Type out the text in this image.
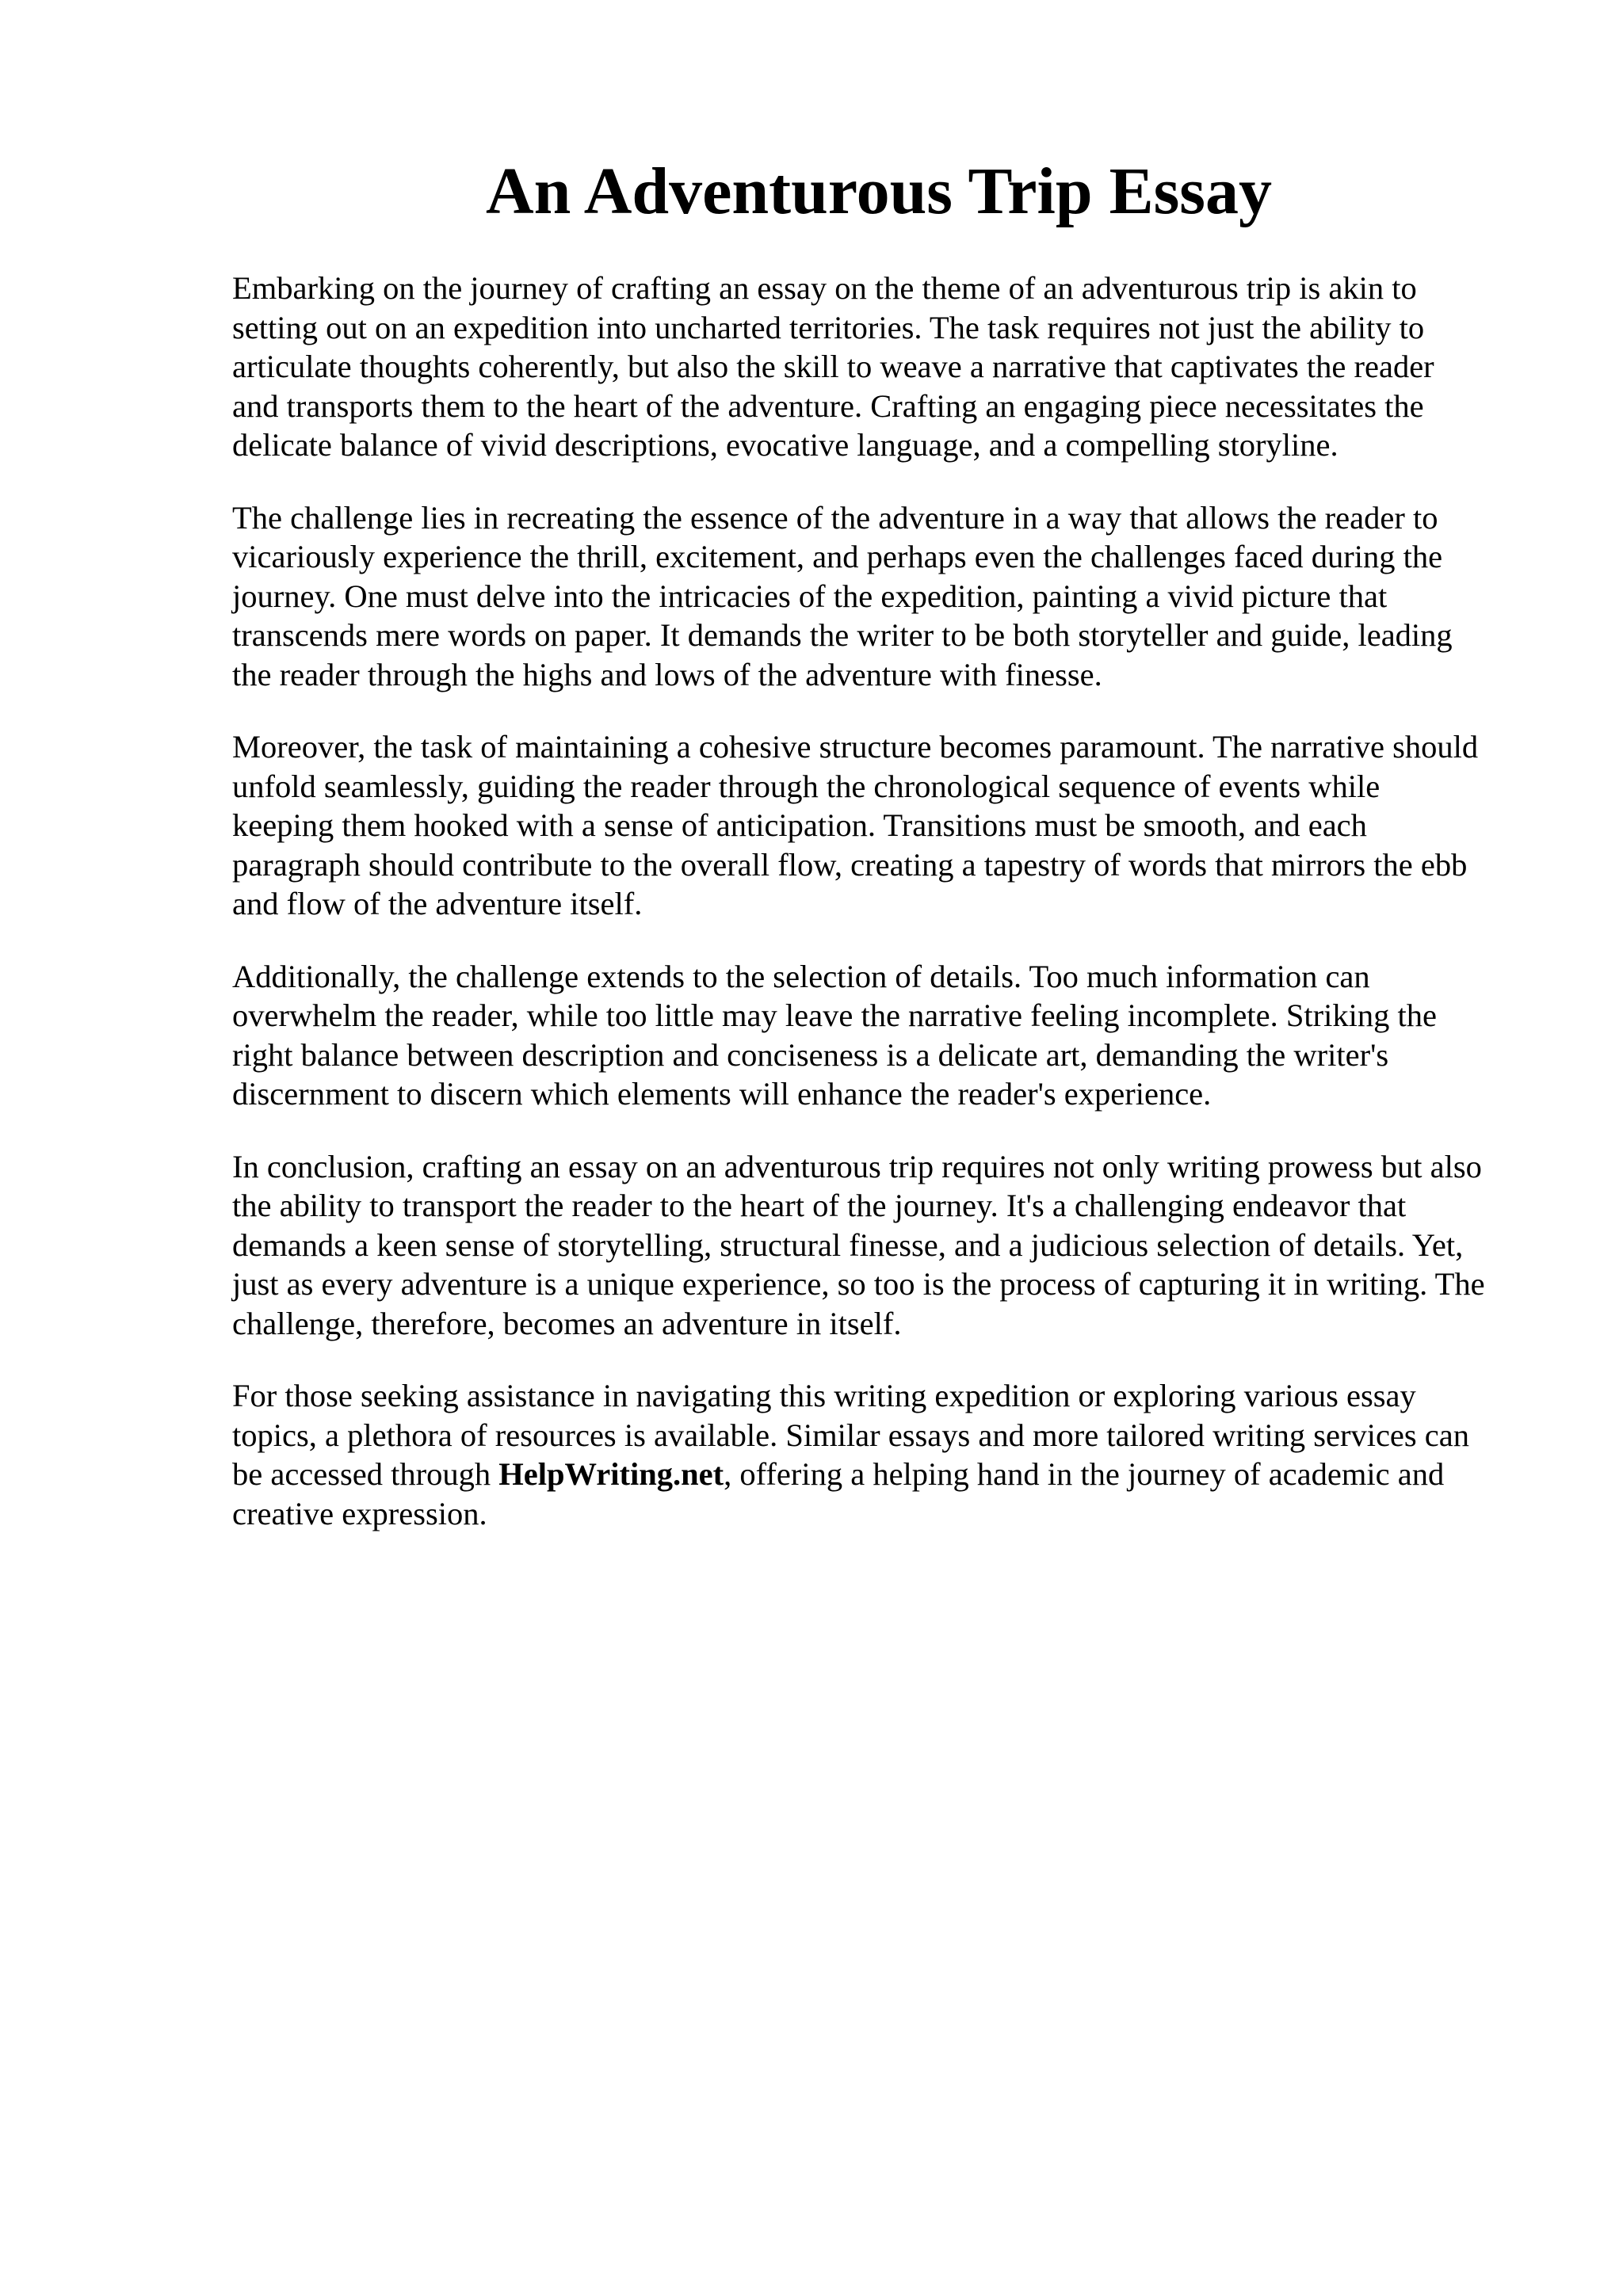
An Adventurous Trip Essay
Embarking on the journey of crafting an essay on the theme of an adventurous trip is akin to
setting out on an expedition into uncharted territories. The task requires not just the ability to
articulate thoughts coherently, but also the skill to weave a narrative that captivates the reader
and transports them to the heart of the adventure. Crafting an engaging piece necessitates the
delicate balance of vivid descriptions, evocative language, and a compelling storyline.
The challenge lies in recreating the essence of the adventure in a way that allows the reader to
vicariously experience the thrill, excitement, and perhaps even the challenges faced during the
journey. One must delve into the intricacies of the expedition, painting a vivid picture that
transcends mere words on paper. It demands the writer to be both storyteller and guide, leading
the reader through the highs and lows of the adventure with finesse.
Moreover, the task of maintaining a cohesive structure becomes paramount. The narrative should
unfold seamlessly, guiding the reader through the chronological sequence of events while
keeping them hooked with a sense of anticipation. Transitions must be smooth, and each
paragraph should contribute to the overall flow, creating a tapestry of words that mirrors the ebb
and flow of the adventure itself.
Additionally, the challenge extends to the selection of details. Too much information can
overwhelm the reader, while too little may leave the narrative feeling incomplete. Striking the
right balance between description and conciseness is a delicate art, demanding the writer's
discernment to discern which elements will enhance the reader's experience.
In conclusion, crafting an essay on an adventurous trip requires not only writing prowess but also
the ability to transport the reader to the heart of the journey. It's a challenging endeavor that
demands a keen sense of storytelling, structural finesse, and a judicious selection of details. Yet,
just as every adventure is a unique experience, so too is the process of capturing it in writing. The
challenge, therefore, becomes an adventure in itself.
For those seeking assistance in navigating this writing expedition or exploring various essay
topics, a plethora of resources is available. Similar essays and more tailored writing services can
be accessed through HelpWriting.net, offering a helping hand in the journey of academic and
creative expression.
